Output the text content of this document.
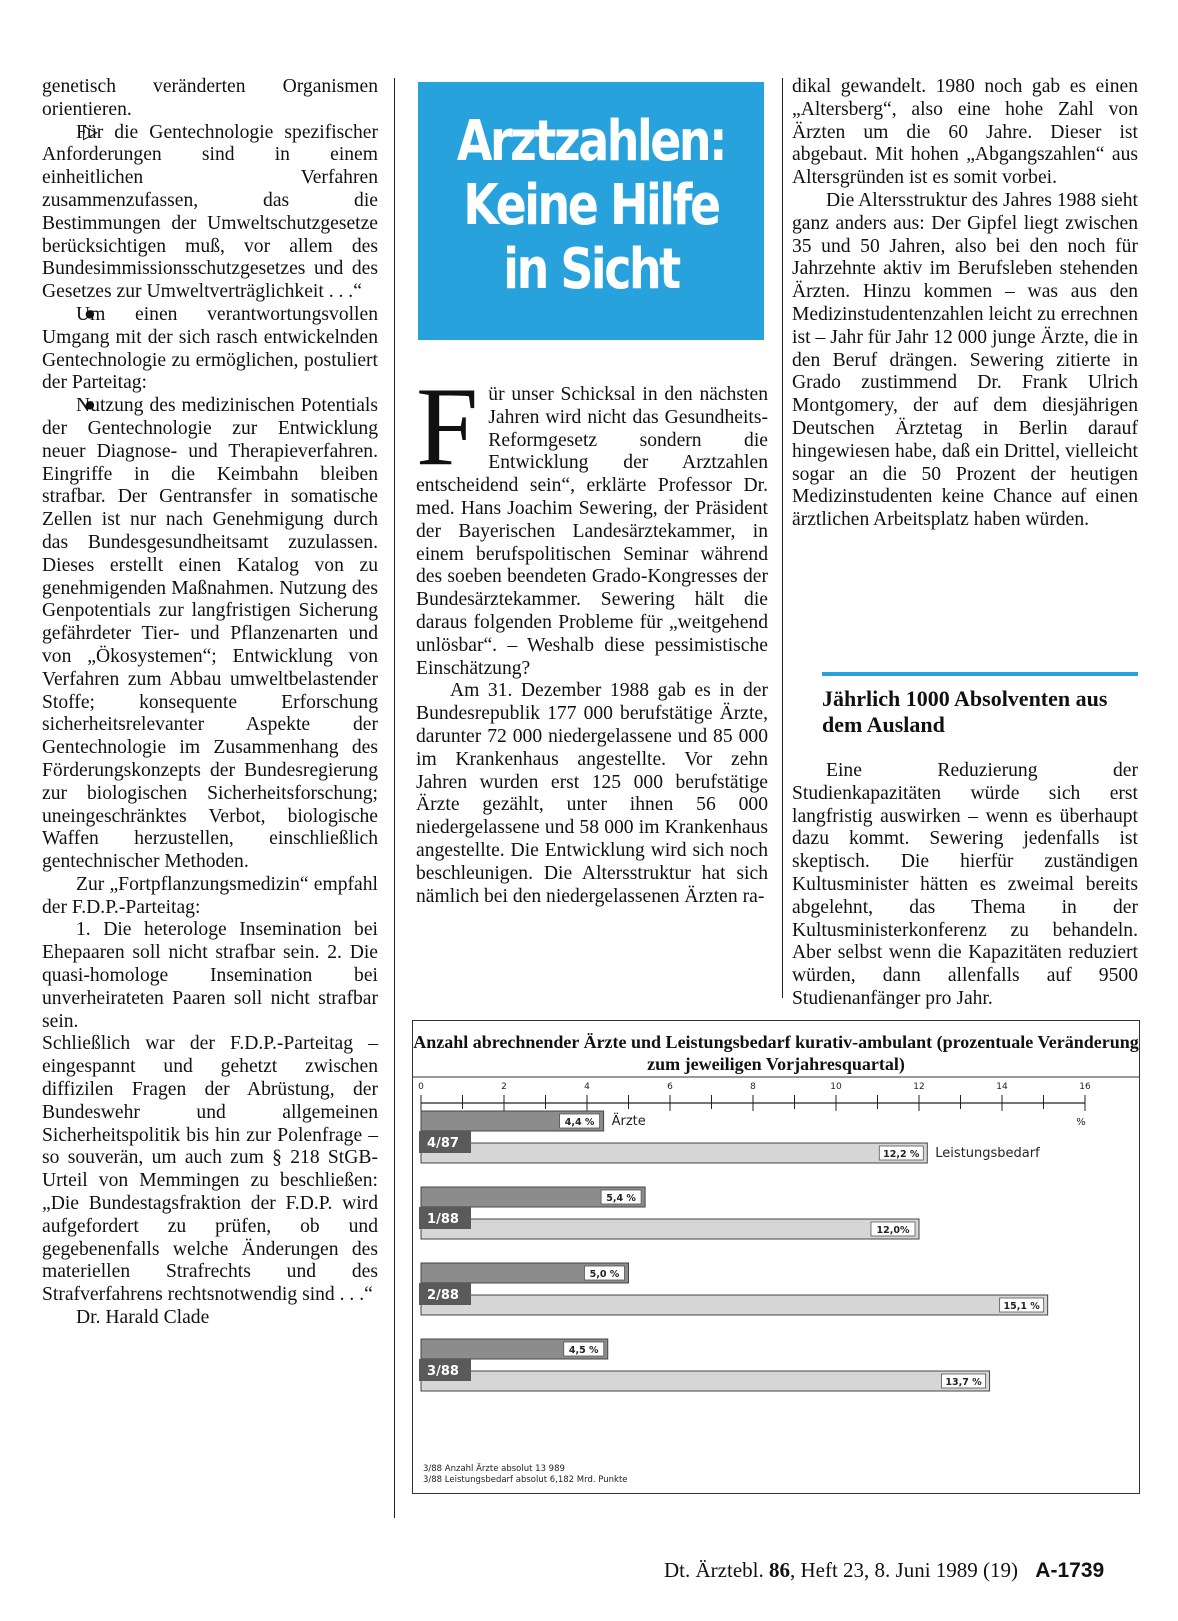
genetisch veränderten Organismen orientieren.

▷ Für die Gentechnologie spezifischer Anforderungen sind in einem einheitlichen Verfahren zusammenzufassen, das die Bestimmungen der Umweltschutzgesetze berücksichtigen muß, vor allem des Bundesimmissionsschutzgesetzes und des Gesetzes zur Umweltverträglichkeit . . .“

● Um einen verantwortungsvollen Umgang mit der sich rasch entwickelnden Gentechnologie zu ermöglichen, postuliert der Parteitag:

● Nutzung des medizinischen Potentials der Gentechnologie zur Entwicklung neuer Diagnose- und Therapieverfahren. Eingriffe in die Keimbahn bleiben strafbar. Der Gentransfer in somatische Zellen ist nur nach Genehmigung durch das Bundesgesundheitsamt zuzulassen. Dieses erstellt einen Katalog von zu genehmigenden Maßnahmen. Nutzung des Genpotentials zur langfristigen Sicherung gefährdeter Tier- und Pflanzenarten und von „Ökosystemen“; Entwicklung von Verfahren zum Abbau umweltbelastender Stoffe; konsequente Erforschung sicherheitsrelevanter Aspekte der Gentechnologie im Zusammenhang des Förderungskonzepts der Bundesregierung zur biologischen Sicherheitsforschung; uneingeschränktes Verbot, biologische Waffen herzustellen, einschließlich gentechnischer Methoden.

Zur „Fortpflanzungsmedizin“ empfahl der F.D.P.-Parteitag:

1. Die heterologe Insemination bei Ehepaaren soll nicht strafbar sein. 2. Die quasi-homologe Insemination bei unverheirateten Paaren soll nicht strafbar sein.

Schließlich war der F.D.P.-Parteitag – eingespannt und gehetzt zwischen diffizilen Fragen der Abrüstung, der Bundeswehr und allgemeinen Sicherheitspolitik bis hin zur Polenfrage – so souverän, um auch zum § 218 StGB-Urteil von Memmingen zu beschließen: „Die Bundestagsfraktion der F.D.P. wird aufgefordert zu prüfen, ob und gegebenenfalls welche Änderungen des materiellen Strafrechts und des Strafverfahrens rechtsnotwendig sind . . .“

Dr. Harald Clade

Arztzahlen:
Keine Hilfe
in Sicht

Für unser Schicksal in den nächsten Jahren wird nicht das Gesundheits-Reformgesetz sondern die Entwicklung der Arztzahlen entscheidend sein“, erklärte Professor Dr. med. Hans Joachim Sewering, der Präsident der Bayerischen Landesärztekammer, in einem berufspolitischen Seminar während des soeben beendeten Grado-Kongresses der Bundesärztekammer. Sewering hält die daraus folgenden Probleme für „weitgehend unlösbar“. – Weshalb diese pessimistische Einschätzung?

Am 31. Dezember 1988 gab es in der Bundesrepublik 177 000 berufstätige Ärzte, darunter 72 000 niedergelassene und 85 000 im Krankenhaus angestellte. Vor zehn Jahren wurden erst 125 000 berufstätige Ärzte gezählt, unter ihnen 56 000 niedergelassene und 58 000 im Krankenhaus angestellte. Die Entwicklung wird sich noch beschleunigen. Die Altersstruktur hat sich nämlich bei den niedergelassenen Ärzten ra-

dikal gewandelt. 1980 noch gab es einen „Altersberg“, also eine hohe Zahl von Ärzten um die 60 Jahre. Dieser ist abgebaut. Mit hohen „Abgangszahlen“ aus Altersgründen ist es somit vorbei.

Die Altersstruktur des Jahres 1988 sieht ganz anders aus: Der Gipfel liegt zwischen 35 und 50 Jahren, also bei den noch für Jahrzehnte aktiv im Berufsleben stehenden Ärzten. Hinzu kommen – was aus den Medizinstudentenzahlen leicht zu errechnen ist – Jahr für Jahr 12 000 junge Ärzte, die in den Beruf drängen. Sewering zitierte in Grado zustimmend Dr. Frank Ulrich Montgomery, der auf dem diesjährigen Deutschen Ärztetag in Berlin darauf hingewiesen habe, daß ein Drittel, vielleicht sogar an die 50 Prozent der heutigen Medizinstudenten keine Chance auf einen ärztlichen Arbeitsplatz haben würden.

Jährlich 1000 Absolventen aus dem Ausland

Eine Reduzierung der Studienkapazitäten würde sich erst langfristig auswirken – wenn es überhaupt dazu kommt. Sewering jedenfalls ist skeptisch. Die hierfür zuständigen Kultusminister hätten es zweimal bereits abgelehnt, das Thema in der Kultusministerkonferenz zu behandeln. Aber selbst wenn die Kapazitäten reduziert würden, dann allenfalls auf 9500 Studienanfänger pro Jahr.

Anzahl abrechnender Ärzte und Leistungsbedarf kurativ-ambulant (prozentuale Veränderung zum jeweiligen Vorjahresquartal)
0	2	4	6	8	10	12	14	16
%
4,4 %
12,2 %
4/87
Ärzte
Leistungsbedarf
5,4 %
12,0%
1/88
5,0 %
15,1 %
2/88
4,5 %
13,7 %
3/88
3/88 Anzahl Ärzte absolut 13 989
3/88 Leistungsbedarf absolut 6,182 Mrd. Punkte
Dt. Ärztebl. 86, Heft 23, 8. Juni 1989 (19) A-1739
